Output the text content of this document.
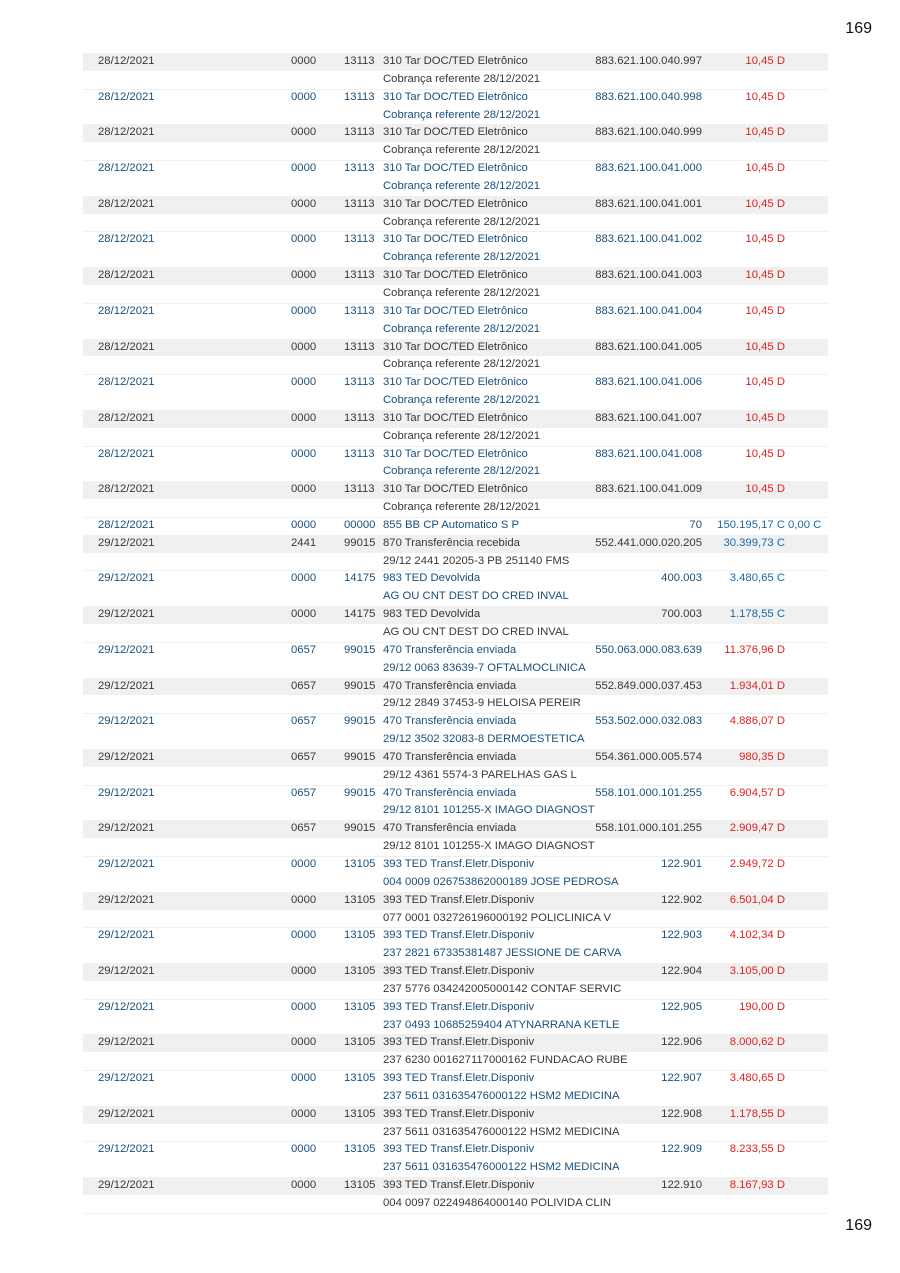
169
28/12/2021	0000 13113 310 Tar DOC/TED Eletrônico	883.621.100.040.997	10,45 D
Cobrança referente 28/12/2021
28/12/2021	0000 13113 310 Tar DOC/TED Eletrônico	883.621.100.040.998	10,45 D
Cobrança referente 28/12/2021
28/12/2021	0000 13113 310 Tar DOC/TED Eletrônico	883.621.100.040.999	10,45 D
Cobrança referente 28/12/2021
28/12/2021	0000 13113 310 Tar DOC/TED Eletrônico	883.621.100.041.000	10,45 D
Cobrança referente 28/12/2021
28/12/2021	0000 13113 310 Tar DOC/TED Eletrônico	883.621.100.041.001	10,45 D
Cobrança referente 28/12/2021
28/12/2021	0000 13113 310 Tar DOC/TED Eletrônico	883.621.100.041.002	10,45 D
Cobrança referente 28/12/2021
28/12/2021	0000 13113 310 Tar DOC/TED Eletrônico	883.621.100.041.003	10,45 D
Cobrança referente 28/12/2021
28/12/2021	0000 13113 310 Tar DOC/TED Eletrônico	883.621.100.041.004	10,45 D
Cobrança referente 28/12/2021
28/12/2021	0000 13113 310 Tar DOC/TED Eletrônico	883.621.100.041.005	10,45 D
Cobrança referente 28/12/2021
28/12/2021	0000 13113 310 Tar DOC/TED Eletrônico	883.621.100.041.006	10,45 D
Cobrança referente 28/12/2021
28/12/2021	0000 13113 310 Tar DOC/TED Eletrônico	883.621.100.041.007	10,45 D
Cobrança referente 28/12/2021
28/12/2021	0000 13113 310 Tar DOC/TED Eletrônico	883.621.100.041.008	10,45 D
Cobrança referente 28/12/2021
28/12/2021	0000 13113 310 Tar DOC/TED Eletrônico	883.621.100.041.009	10,45 D
Cobrança referente 28/12/2021
28/12/2021	0000 00000 855 BB CP Automatico S P	70 150.195,17 C 0,00 C
29/12/2021	2441 99015 870 Transferência recebida	552.441.000.020.205 30.399,73 C
29/12 2441 20205-3 PB 251140 FMS
29/12/2021	0000 14175 983 TED Devolvida	400.003 3.480,65 C
AG OU CNT DEST DO CRED INVAL
29/12/2021	0000 14175 983 TED Devolvida	700.003 1.178,55 C
AG OU CNT DEST DO CRED INVAL
29/12/2021	0657 99015 470 Transferência enviada	550.063.000.083.639 11.376,96 D
29/12 0063 83639-7 OFTALMOCLINICA
29/12/2021	0657 99015 470 Transferência enviada	552.849.000.037.453 1.934,01 D
29/12 2849 37453-9 HELOISA PEREIR
29/12/2021	0657 99015 470 Transferência enviada	553.502.000.032.083 4.886,07 D
29/12 3502 32083-8 DERMOESTETICA
29/12/2021	0657 99015 470 Transferência enviada	554.361.000.005.574	980,35 D
29/12 4361 5574-3 PARELHAS GAS L
29/12/2021	0657 99015 470 Transferência enviada	558.101.000.101.255 6.904,57 D
29/12 8101 101255-X IMAGO DIAGNOST
29/12/2021	0657 99015 470 Transferência enviada	558.101.000.101.255 2.909,47 D
29/12 8101 101255-X IMAGO DIAGNOST
29/12/2021	0000 13105 393 TED Transf.Eletr.Disponiv	122.901 2.949,72 D
004 0009 026753862000189 JOSE PEDROSA
29/12/2021	0000 13105 393 TED Transf.Eletr.Disponiv	122.902 6.501,04 D
077 0001 032726196000192 POLICLINICA V
29/12/2021	0000 13105 393 TED Transf.Eletr.Disponiv	122.903 4.102,34 D
237 2821 67335381487 JESSIONE DE CARVA
29/12/2021	0000 13105 393 TED Transf.Eletr.Disponiv	122.904 3.105,00 D
237 5776 034242005000142 CONTAF SERVIC
29/12/2021	0000 13105 393 TED Transf.Eletr.Disponiv	122.905	190,00 D
237 0493 10685259404 ATYNARRANA KETLE
29/12/2021	0000 13105 393 TED Transf.Eletr.Disponiv	122.906 8.000,62 D
237 6230 001627117000162 FUNDACAO RUBE
29/12/2021	0000 13105 393 TED Transf.Eletr.Disponiv	122.907 3.480,65 D
237 5611 031635476000122 HSM2 MEDICINA
29/12/2021	0000 13105 393 TED Transf.Eletr.Disponiv	122.908 1.178,55 D
237 5611 031635476000122 HSM2 MEDICINA
29/12/2021	0000 13105 393 TED Transf.Eletr.Disponiv	122.909 8.233,55 D
237 5611 031635476000122 HSM2 MEDICINA
29/12/2021	0000 13105 393 TED Transf.Eletr.Disponiv	122.910 8.167,93 D
004 0097 022494864000140 POLIVIDA CLIN
169
